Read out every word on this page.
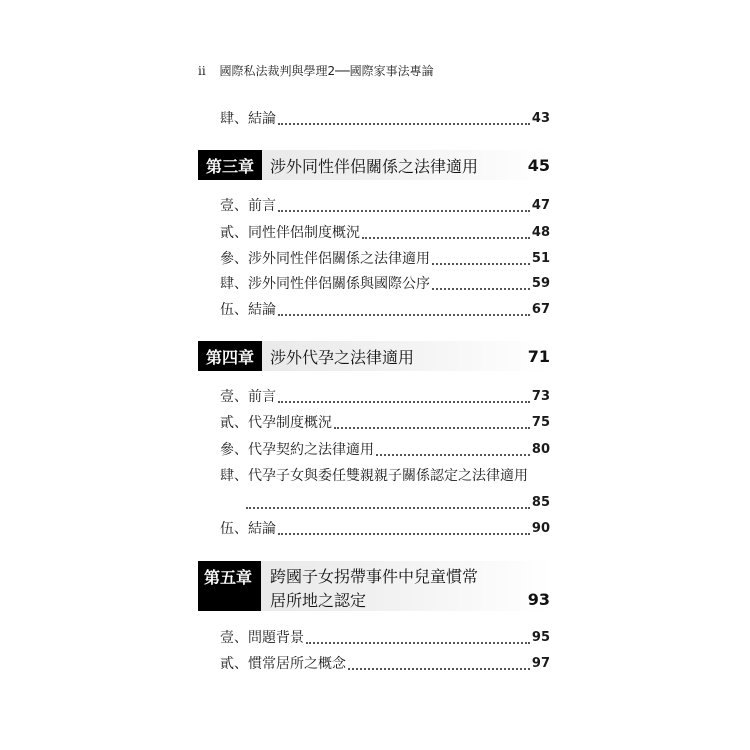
ii 國際私法裁判與學理2──國際家事法專論
肆、結論	43
第三章	涉外同性伴侶關係之法律適用	45
壹、前言	47
貳、同性伴侶制度概況	48
參、涉外同性伴侶關係之法律適用	51
肆、涉外同性伴侶關係與國際公序	59
伍、結論	67
第四章	涉外代孕之法律適用	71
壹、前言	73
貳、代孕制度概況	75
參、代孕契約之法律適用	80
肆、代孕子女與委任雙親親子關係認定之法律適用
85
伍、結論	90
第五章	跨國子女拐帶事件中兒童慣常
居所地之認定	93
壹、問題背景	95
貳、慣常居所之概念	97
